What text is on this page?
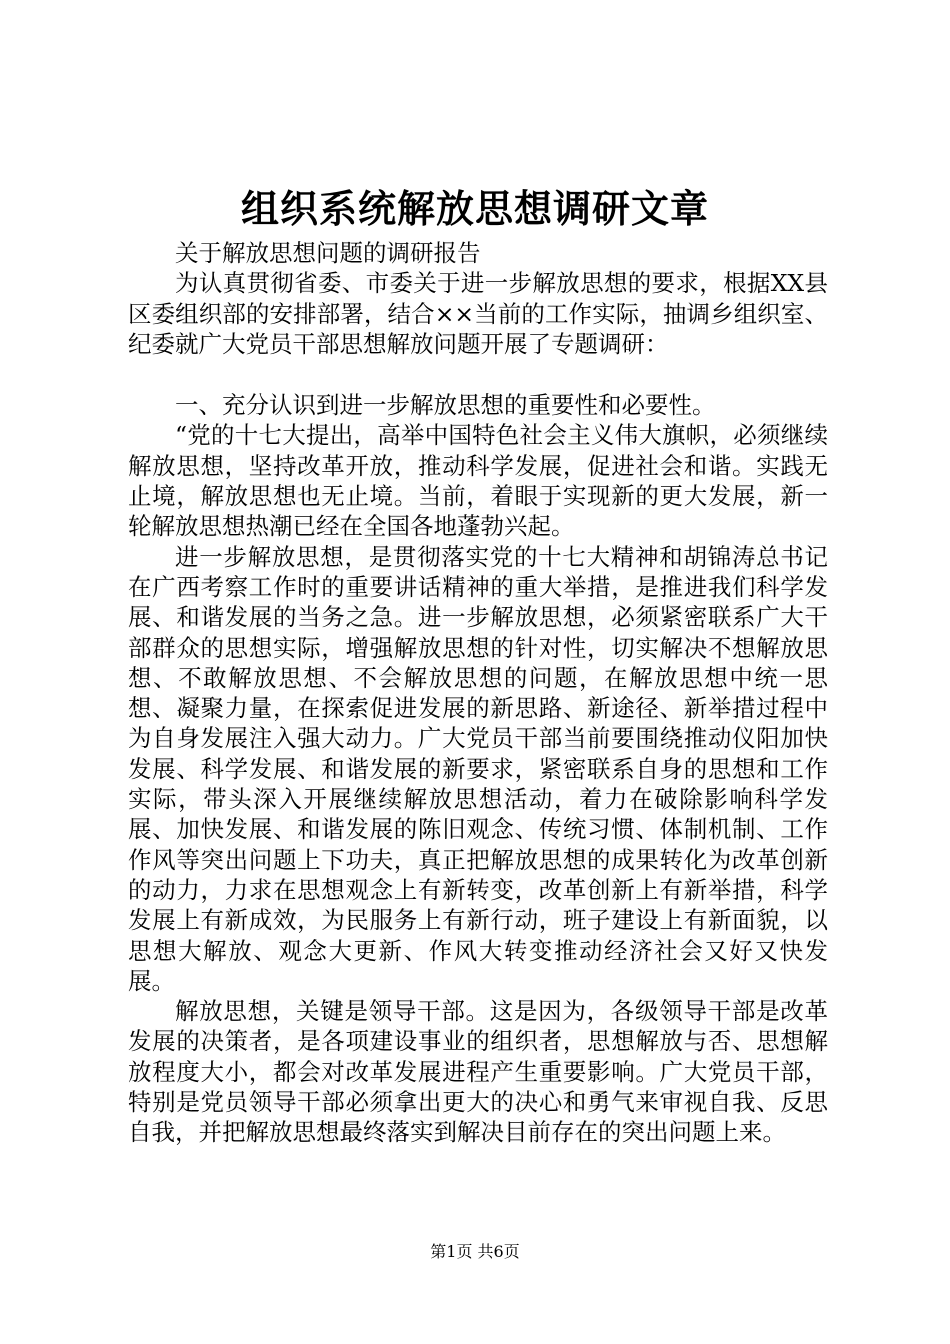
组织系统解放思想调研文章

关于解放思想问题的调研报告

为认真贯彻省委、市委关于进一步解放思想的要求，根据XX县区委组织部的安排部署，结合××当前的工作实际，抽调乡组织室、纪委就广大党员干部思想解放问题开展了专题调研：

一、充分认识到进一步解放思想的重要性和必要性。

“党的十七大提出，高举中国特色社会主义伟大旗帜，必须继续解放思想，坚持改革开放，推动科学发展，促进社会和谐。实践无止境，解放思想也无止境。当前，着眼于实现新的更大发展，新一轮解放思想热潮已经在全国各地蓬勃兴起。

进一步解放思想，是贯彻落实党的十七大精神和胡锦涛总书记在广西考察工作时的重要讲话精神的重大举措，是推进我们科学发展、和谐发展的当务之急。进一步解放思想，必须紧密联系广大干部群众的思想实际，增强解放思想的针对性，切实解决不想解放思想、不敢解放思想、不会解放思想的问题，在解放思想中统一思想、凝聚力量，在探索促进发展的新思路、新途径、新举措过程中为自身发展注入强大动力。广大党员干部当前要围绕推动仪阳加快发展、科学发展、和谐发展的新要求，紧密联系自身的思想和工作实际，带头深入开展继续解放思想活动，着力在破除影响科学发展、加快发展、和谐发展的陈旧观念、传统习惯、体制机制、工作作风等突出问题上下功夫，真正把解放思想的成果转化为改革创新的动力，力求在思想观念上有新转变，改革创新上有新举措，科学发展上有新成效，为民服务上有新行动，班子建设上有新面貌，以思想大解放、观念大更新、作风大转变推动经济社会又好又快发展。

解放思想，关键是领导干部。这是因为，各级领导干部是改革发展的决策者，是各项建设事业的组织者，思想解放与否、思想解放程度大小，都会对改革发展进程产生重要影响。广大党员干部，特别是党员领导干部必须拿出更大的决心和勇气来审视自我、反思自我，并把解放思想最终落实到解决目前存在的突出问题上来。

第1页 共6页
